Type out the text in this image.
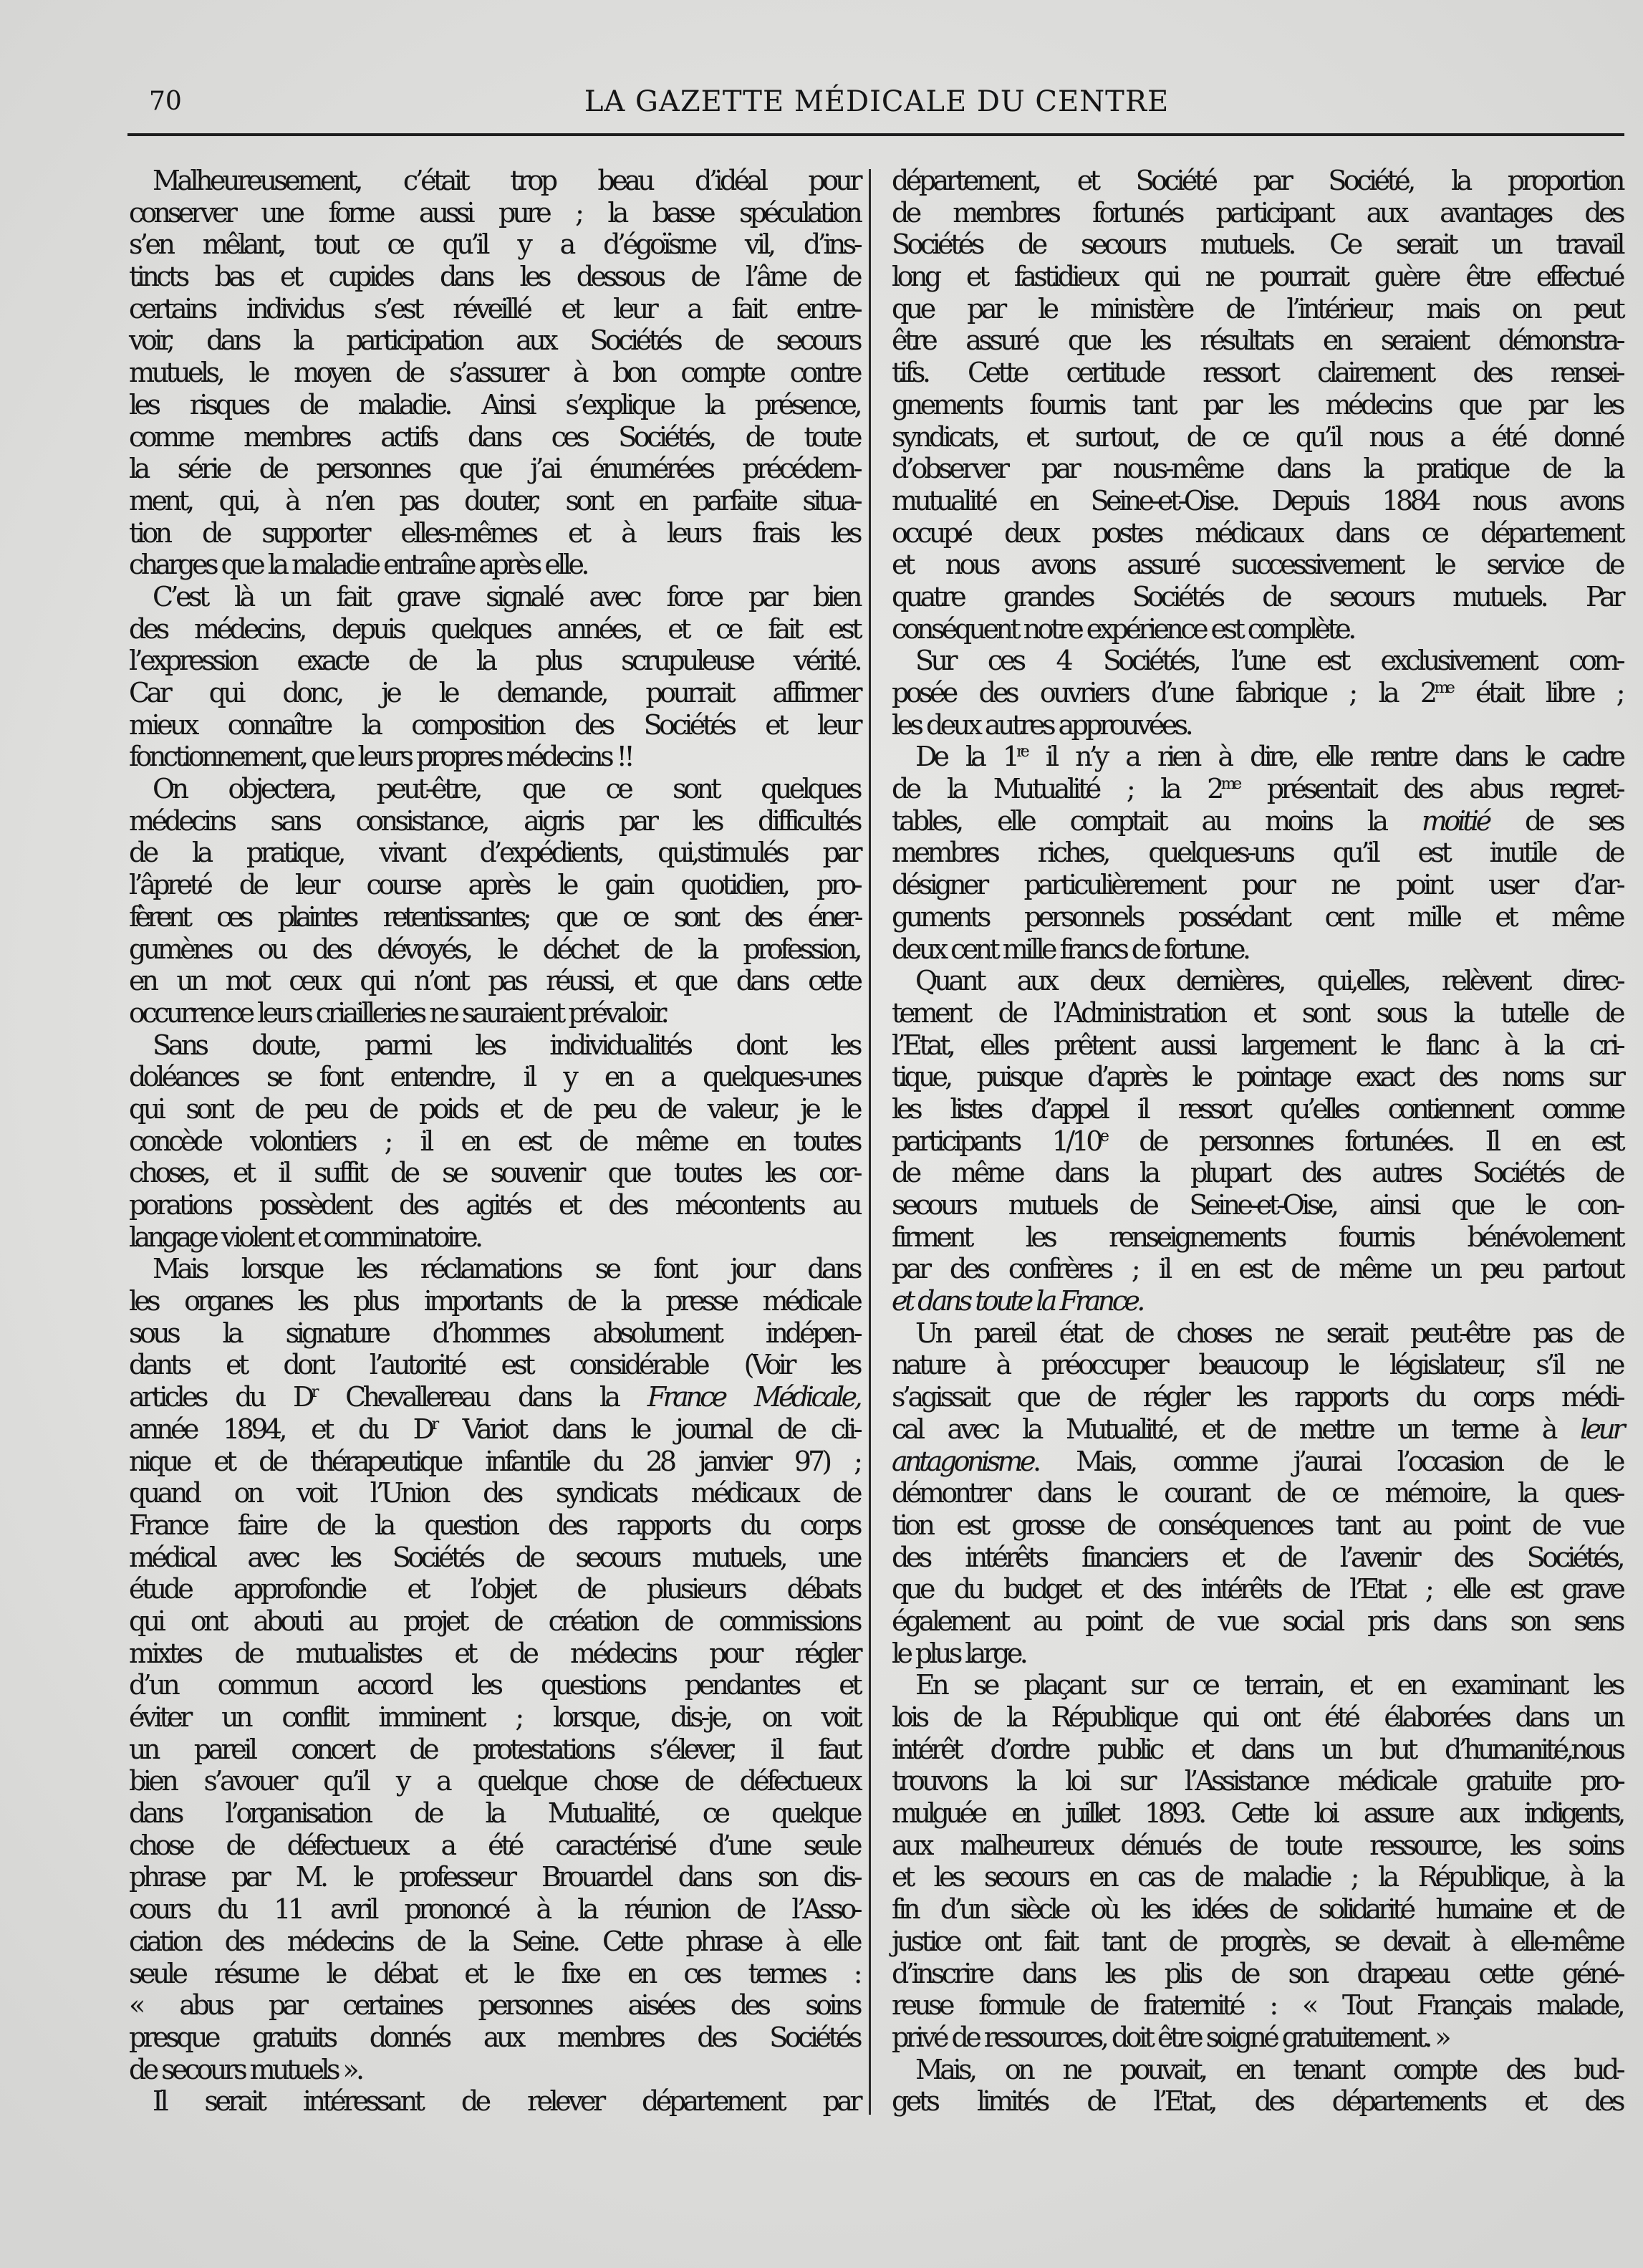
70	LA GAZETTE MÉDICALE DU CENTRE
Malheureusement, c’était trop beau d’idéal pour
conserver une forme aussi pure ; la basse spéculation
s’en mêlant, tout ce qu’il y a d’égoïsme vil, d’ins-
tincts bas et cupides dans les dessous de l’âme de
certains individus s’est réveillé et leur a fait entre-
voir, dans la participation aux Sociétés de secours
mutuels, le moyen de s’assurer à bon compte contre
les risques de maladie. Ainsi s’explique la présence,
comme membres actifs dans ces Sociétés, de toute
la série de personnes que j’ai énumérées précédem-
ment, qui, à n’en pas douter, sont en parfaite situa-
tion de supporter elles-mêmes et à leurs frais les
charges que la maladie entraîne après elle.
C’est là un fait grave signalé avec force par bien
des médecins, depuis quelques années, et ce fait est
l’expression exacte de la plus scrupuleuse vérité.
Car qui donc, je le demande, pourrait affirmer
mieux connaître la composition des Sociétés et leur
fonctionnement, que leurs propres médecins !!
On objectera, peut-être, que ce sont quelques
médecins sans consistance, aigris par les difficultés
de la pratique, vivant d’expédients, qui,stimulés par
l’âpreté de leur course après le gain quotidien, pro-
fèrent ces plaintes retentissantes; que ce sont des éner-
gumènes ou des dévoyés, le déchet de la profession,
en un mot ceux qui n’ont pas réussi, et que dans cette
occurrence leurs criailleries ne sauraient prévaloir.
Sans doute, parmi les individualités dont les
doléances se font entendre, il y en a quelques-unes
qui sont de peu de poids et de peu de valeur, je le
concède volontiers ; il en est de même en toutes
choses, et il suffit de se souvenir que toutes les cor-
porations possèdent des agités et des mécontents au
langage violent et comminatoire.
Mais lorsque les réclamations se font jour dans
les organes les plus importants de la presse médicale
sous la signature d’hommes absolument indépen-
dants et dont l’autorité est considérable (Voir les
articles du $D^r$ Chevallereau dans la France Médicale,
année 1894, et du $D^r$ Variot dans le journal de cli-
nique et de thérapeutique infantile du 28 janvier 97) ;
quand on voit l’Union des syndicats médicaux de
France faire de la question des rapports du corps
médical avec les Sociétés de secours mutuels, une
étude approfondie et l’objet de plusieurs débats
qui ont abouti au projet de création de commissions
mixtes de mutualistes et de médecins pour régler
d’un commun accord les questions pendantes et
éviter un conflit imminent ; lorsque, dis-je, on voit
un pareil concert de protestations s’élever, il faut
bien s’avouer qu’il y a quelque chose de défectueux
dans l’organisation de la Mutualité, ce quelque
chose de défectueux a été caractérisé d’une seule
phrase par M. le professeur Brouardel dans son dis-
cours du 11 avril prononcé à la réunion de l’Asso-
ciation des médecins de la Seine. Cette phrase à elle
seule résume le débat et le fixe en ces termes :
« abus par certaines personnes aisées des soins
presque gratuits donnés aux membres des Sociétés
de secours mutuels ».
Il serait intéressant de relever département par
département, et Société par Société, la proportion
de membres fortunés participant aux avantages des
Sociétés de secours mutuels. Ce serait un travail
long et fastidieux qui ne pourrait guère être effectué
que par le ministère de l’intérieur, mais on peut
être assuré que les résultats en seraient démonstra-
tifs. Cette certitude ressort clairement des rensei-
gnements fournis tant par les médecins que par les
syndicats, et surtout, de ce qu’il nous a été donné
d’observer par nous-même dans la pratique de la
mutualité en Seine-et-Oise. Depuis 1884 nous avons
occupé deux postes médicaux dans ce département
et nous avons assuré successivement le service de
quatre grandes Sociétés de secours mutuels. Par
conséquent notre expérience est complète.
Sur ces 4 Sociétés, l’une est exclusivement com-
posée des ouvriers d’une fabrique ; la $2^{me}$ était libre ;
les deux autres approuvées.
De la 1re il n’y a rien à dire, elle rentre dans le cadre
de la Mutualité ; la $2^{me}$ présentait des abus regret-
tables, elle comptait au moins la moitié de ses
membres riches, quelques-uns qu’il est inutile de
désigner particulièrement pour ne point user d’ar-
guments personnels possédant cent mille et même
deux cent mille francs de fortune.
Quant aux deux dernières, qui,elles, relèvent direc-
tement de l’Administration et sont sous la tutelle de
l’Etat, elles prêtent aussi largement le flanc à la cri-
tique, puisque d’après le pointage exact des noms sur
les listes d’appel il ressort qu’elles contiennent comme
participants 1/10e de personnes fortunées. Il en est
de même dans la plupart des autres Sociétés de
secours mutuels de Seine-et-Oise, ainsi que le con-
firment les renseignements fournis bénévolement
par des confrères ; il en est de même un peu partout
et dans toute la France.
Un pareil état de choses ne serait peut-être pas de
nature à préoccuper beaucoup le législateur, s’il ne
s’agissait que de régler les rapports du corps médi-
cal avec la Mutualité, et de mettre un terme à leur
antagonisme. Mais, comme j’aurai l’occasion de le
démontrer dans le courant de ce mémoire, la ques-
tion est grosse de conséquences tant au point de vue
des intérêts financiers et de l’avenir des Sociétés,
que du budget et des intérêts de l’Etat ; elle est grave
également au point de vue social pris dans son sens
le plus large.
En se plaçant sur ce terrain, et en examinant les
lois de la République qui ont été élaborées dans un
intérêt d’ordre public et dans un but d’humanité,nous
trouvons la loi sur l’Assistance médicale gratuite pro-
mulguée en juillet 1893. Cette loi assure aux indigents,
aux malheureux dénués de toute ressource, les soins
et les secours en cas de maladie ; la République, à la
fin d’un siècle où les idées de solidarité humaine et de
justice ont fait tant de progrès, se devait à elle-même
d’inscrire dans les plis de son drapeau cette géné-
reuse formule de fraternité : « Tout Français malade,
privé de ressources, doit être soigné gratuitement. »
Mais, on ne pouvait, en tenant compte des bud-
gets limités de l’Etat, des départements et des
